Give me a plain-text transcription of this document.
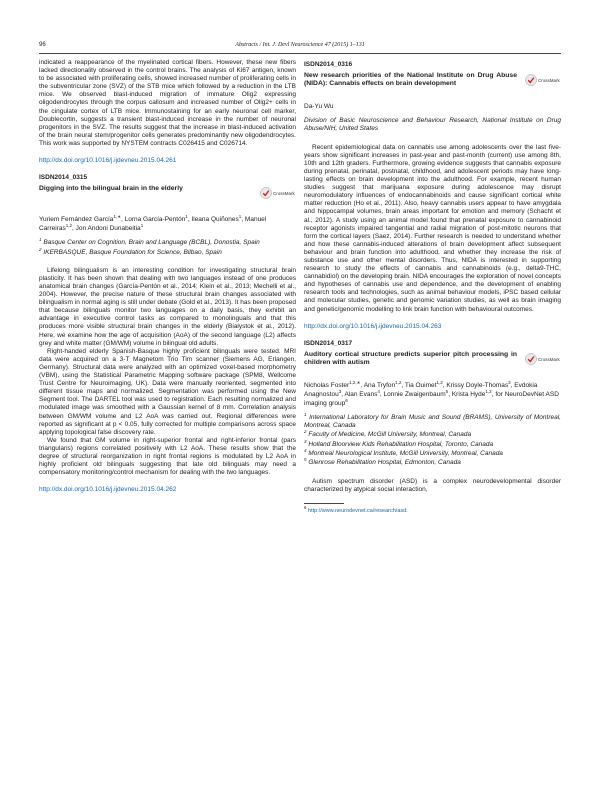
96	Abstracts / Int. J. Devl Neuroscience 47 (2015) 1–131

indicated a reappearance of the myelinated cortical fibers. However, these new fibers lacked directionality observed in the control brains. The analysis of Ki67 antigen, known to be associated with proliferating cells, showed increased number of proliferating cells in the subventricular zone (SVZ) of the STB mice which followed by a reduction in the LTB mice. We observed blast-induced migration of immature Olig2 expressing oligodendrocytes through the corpus callosum and increased number of Olig2+ cells in the cingulate cortex of LTB mice. Immunostaining for an early neuronal cell marker, Doublecortin, suggests a transient blast-induced increase in the number of neuronal progenitors in the SVZ. The results suggest that the increase in blast-induced activation of the brain neural stem/progenitor cells generates predominantly new oligodendrocytes. This work was supported by NYSTEM contracts C026415 and C026714.

http://dx.doi.org/10.1016/j.ijdevneu.2015.04.261
ISDN2014_0315

Digging into the bilingual brain in the elderly

CrossMark
Yuriem Fernández García$^{1,∗}$, Lorna García-Pentón$^1$, Ileana Quiñones$^1$, Manuel Carreiras$^{1,2}$, Jon Andoni Dunabeitia$^1$

$^1$ Basque Center on Cognition, Brain and Language (BCBL), Donostia, Spain

$^2$ IKERBASQUE, Basque Foundation for Science, Bilbao, Spain

Lifelong bilingualism is an interesting condition for investigating structural brain plasticity. It has been shown that dealing with two languages instead of one produces anatomical brain changes (García-Pentón et al., 2014; Klein et al., 2013; Mechelli et al., 2004). However, the precise nature of these structural brain changes associated with bilingualism in normal aging is still under debate (Gold et al., 2013). It has been proposed that because bilinguals monitor two languages on a daily basis, they exhibit an advantage in executive control tasks as compared to monolinguals and that this produces more visible structural brain changes in the elderly (Bialystok et al., 2012). Here, we examine how the age of acquisition (AoA) of the second language (L2) affects grey and white matter (GM/WM) volume in bilingual old adults.

Right-handed elderly Spanish-Basque highly proficient bilinguals were tested. MRI data were acquired on a 3-T Magnetom Trio Tim scanner (Siemens AG, Erlangen, Germany). Structural data were analyzed with an optimized voxel-based morphometry (VBM), using the Statistical Parametric Mapping software package (SPM8, Wellcome Trust Centre for Neuroimaging, UK). Data were manually reoriented, segmented into different tissue maps and normalized. Segmentation was performed using the New Segment tool. The DARTEL tool was used to registration. Each resulting normalized and modulated image was smoothed with a Gaussian kernel of 8 mm. Correlation analysis between GM/WM volume and L2 AoA was carried out. Regional differences were reported as significant at p < 0.05, fully corrected for multiple comparisons across space applying topological false discovery rate.

We found that GM volume in right-superior frontal and right-inferior frontal (pars triangularis) regions correlated positively with L2 AoA. These results show that the degree of structural reorganization in right frontal regions is modulated by L2 AoA in highly proficient old bilinguals suggesting that late old bilinguals may need a compensatory monitoring/control mechanism for dealing with the two languages.

http://dx.doi.org/10.1016/j.ijdevneu.2015.04.262
ISDN2014_0316

New research priorities of the National Institute on Drug Abuse (NIDA): Cannabis effects on brain development	CrossMark
Da-Yu Wu

Division of Basic Neuroscience and Behaviour Research, National Institute on Drug Abuse/NIH, United States

Recent epidemiological data on cannabis use among adolescents over the last five-years show significant increases in past-year and past-month (current) use among 8th, 10th and 12th graders. Furthermore, growing evidence suggests that cannabis exposure during prenatal, perinatal, postnatal, childhood, and adolescent periods may have long-lasting effects on brain development into the adulthood. For example, recent human studies suggest that marijuana exposure during adolescence may disrupt neuromodulatory influences of endocannabinoids and cause significant cortical white matter reduction (Ho et al., 2011). Also, heavy cannabis users appear to have amygdala and hippocampal volumes, brain areas important for emotion and memory (Schacht et al., 2012). A study using an animal model found that prenatal exposure to cannabinoid receptor agonists impaired tangential and radial migration of post-mitotic neurons that form the cortical layers (Saez, 2014). Further research is needed to understand whether and how these cannabis-induced alterations of brain development affect subsequent behaviour and brain function into adulthood, and whether they increase the risk of substance use and other mental disorders. Thus, NIDA is interested in supporting research to study the effects of cannabis and cannabinoids (e.g., delta9-THC, cannabidiol) on the developing brain. NIDA encourages the exploration of novel concepts and hypotheses of cannabis use and dependence, and the development of enabling research tools and technologies, such as animal behaviour models, iPSC based cellular and molecular studies, genetic and genomic variation studies, as well as brain imaging and genetic/genomic modelling to link brain function with behavioural outcomes.

http://dx.doi.org/10.1016/j.ijdevneu.2015.04.263
ISDN2014_0317

Auditory cortical structure predicts superior pitch processing in children with autism	CrossMark
Nicholas Foster$^{1,2,∗}$, Ana Tryfon$^{1,2}$, Tia Ouimet$^{1,2}$, Krissy Doyle-Thomas$^3$, Evdokia Anagnostou$^3$, Alan Evans$^4$, Lonnie Zwaigenbaum$^5$, Krista Hyde$^{1,2}$, for NeuroDevNet ASD imaging group$^6$

$^1$ International Laboratory for Brain Music and Sound (BRAMS), University of Montreal, Montreal, Canada

$^2$ Faculty of Medicine, McGill University, Montreal, Canada

$^3$ Holland Bloorview Kids Rehabilitation Hospital, Toronto, Canada

$^4$ Montreal Neurological Institute, McGill University, Montreal, Canada

$^5$ Glenrose Rehabilitation Hospital, Edmonton, Canada

Autism spectrum disorder (ASD) is a complex neurodevelopmental disorder characterized by atypical social interaction,

$^6$ http://www.neurodevnet.ca/research/asd.
